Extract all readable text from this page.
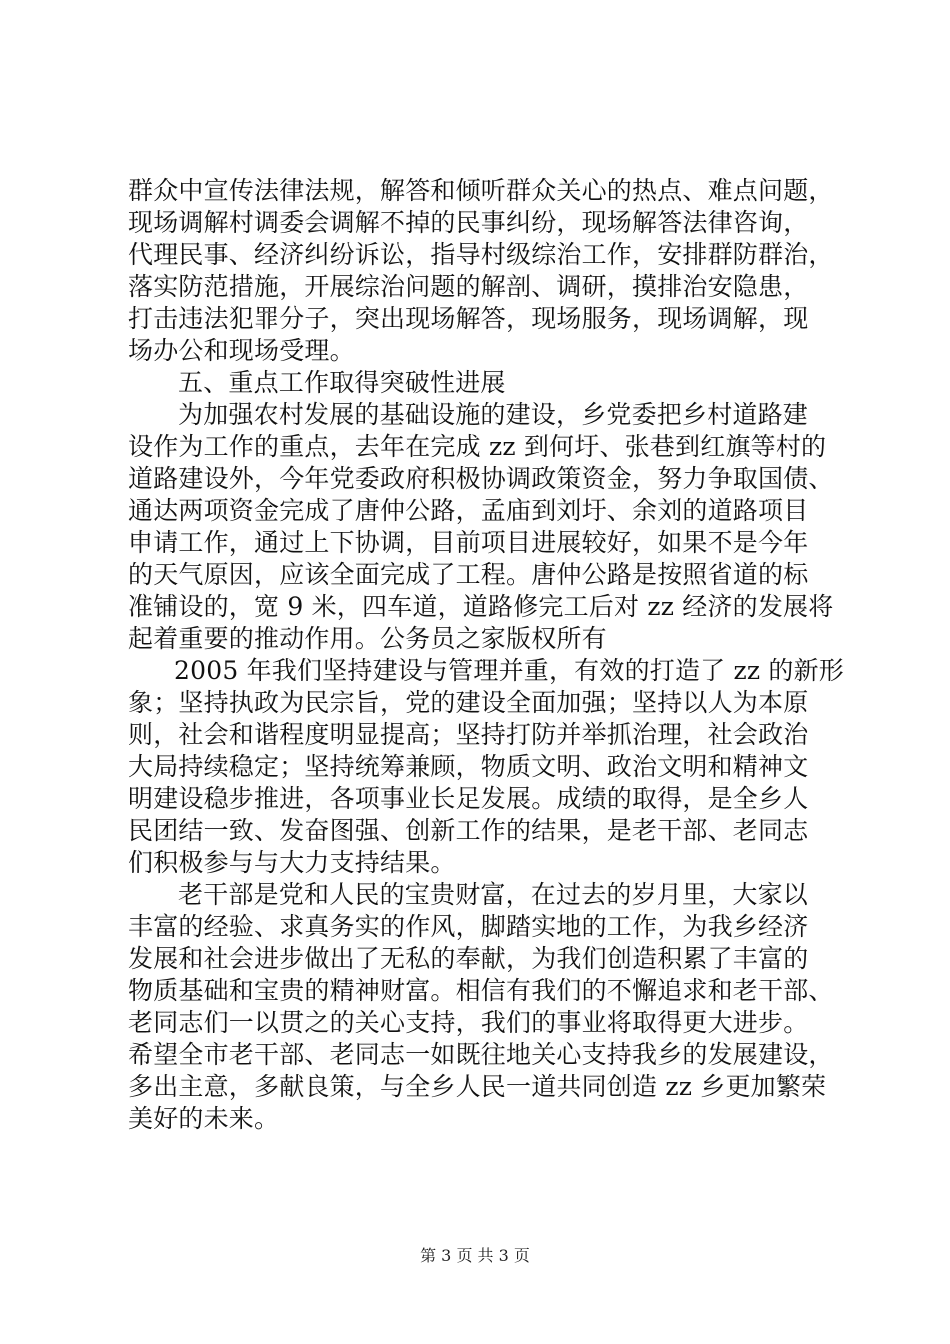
群众中宣传法律法规，解答和倾听群众关心的热点、难点问题，
现场调解村调委会调解不掉的民事纠纷，现场解答法律咨询，
代理民事、经济纠纷诉讼，指导村级综治工作，安排群防群治，
落实防范措施，开展综治问题的解剖、调研，摸排治安隐患，
打击违法犯罪分子，突出现场解答，现场服务，现场调解，现
场办公和现场受理。
五、重点工作取得突破性进展
为加强农村发展的基础设施的建设，乡党委把乡村道路建
设作为工作的重点，去年在完成 zz 到何圩、张巷到红旗等村的
道路建设外，今年党委政府积极协调政策资金，努力争取国债、
通达两项资金完成了唐仲公路，孟庙到刘圩、余刘的道路项目
申请工作，通过上下协调，目前项目进展较好，如果不是今年
的天气原因，应该全面完成了工程。唐仲公路是按照省道的标
准铺设的，宽 9 米，四车道，道路修完工后对 zz 经济的发展将
起着重要的推动作用。公务员之家版权所有
2005 年我们坚持建设与管理并重，有效的打造了 zz 的新形
象；坚持执政为民宗旨，党的建设全面加强；坚持以人为本原
则，社会和谐程度明显提高；坚持打防并举抓治理，社会政治
大局持续稳定；坚持统筹兼顾，物质文明、政治文明和精神文
明建设稳步推进，各项事业长足发展。成绩的取得，是全乡人
民团结一致、发奋图强、创新工作的结果，是老干部、老同志
们积极参与与大力支持结果。
老干部是党和人民的宝贵财富，在过去的岁月里，大家以
丰富的经验、求真务实的作风，脚踏实地的工作，为我乡经济
发展和社会进步做出了无私的奉献，为我们创造积累了丰富的
物质基础和宝贵的精神财富。相信有我们的不懈追求和老干部、
老同志们一以贯之的关心支持，我们的事业将取得更大进步。
希望全市老干部、老同志一如既往地关心支持我乡的发展建设，
多出主意，多献良策，与全乡人民一道共同创造 zz 乡更加繁荣
美好的未来。
第 3 页 共 3 页
